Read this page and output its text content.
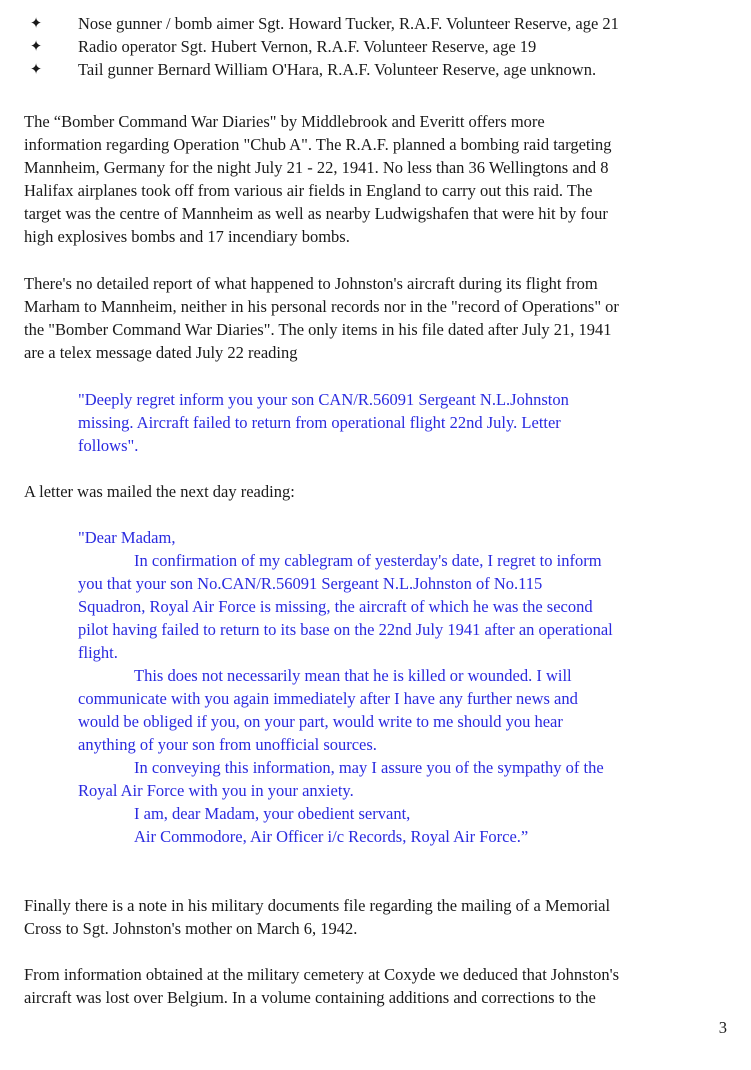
✦ Nose gunner / bomb aimer Sgt. Howard Tucker, R.A.F. Volunteer Reserve, age 21
✦ Radio operator Sgt. Hubert Vernon, R.A.F. Volunteer Reserve, age 19
✦ Tail gunner Bernard William O'Hara, R.A.F. Volunteer Reserve, age unknown.
The “Bomber Command War Diaries" by Middlebrook and Everitt offers more
information regarding Operation "Chub A". The R.A.F. planned a bombing raid targeting
Mannheim, Germany for the night July 21 - 22, 1941. No less than 36 Wellingtons and 8
Halifax airplanes took off from various air fields in England to carry out this raid. The
target was the centre of Mannheim as well as nearby Ludwigshafen that were hit by four
high explosives bombs and 17 incendiary bombs.
There's no detailed report of what happened to Johnston's aircraft during its flight from
Marham to Mannheim, neither in his personal records nor in the "record of Operations" or
the "Bomber Command War Diaries". The only items in his file dated after July 21, 1941
are a telex message dated July 22 reading
"Deeply regret inform you your son CAN/R.56091 Sergeant N.L.Johnston
missing. Aircraft failed to return from operational flight 22nd July. Letter
follows".
A letter was mailed the next day reading:
"Dear Madam,
In confirmation of my cablegram of yesterday's date, I regret to inform
you that your son No.CAN/R.56091 Sergeant N.L.Johnston of No.115
Squadron, Royal Air Force is missing, the aircraft of which he was the second
pilot having failed to return to its base on the 22nd July 1941 after an operational
flight.
This does not necessarily mean that he is killed or wounded. I will
communicate with you again immediately after I have any further news and
would be obliged if you, on your part, would write to me should you hear
anything of your son from unofficial sources.
In conveying this information, may I assure you of the sympathy of the
Royal Air Force with you in your anxiety.
I am, dear Madam, your obedient servant,
Air Commodore, Air Officer i/c Records, Royal Air Force.”
Finally there is a note in his military documents file regarding the mailing of a Memorial
Cross to Sgt. Johnston's mother on March 6, 1942.
From information obtained at the military cemetery at Coxyde we deduced that Johnston's
aircraft was lost over Belgium. In a volume containing additions and corrections to the
3
